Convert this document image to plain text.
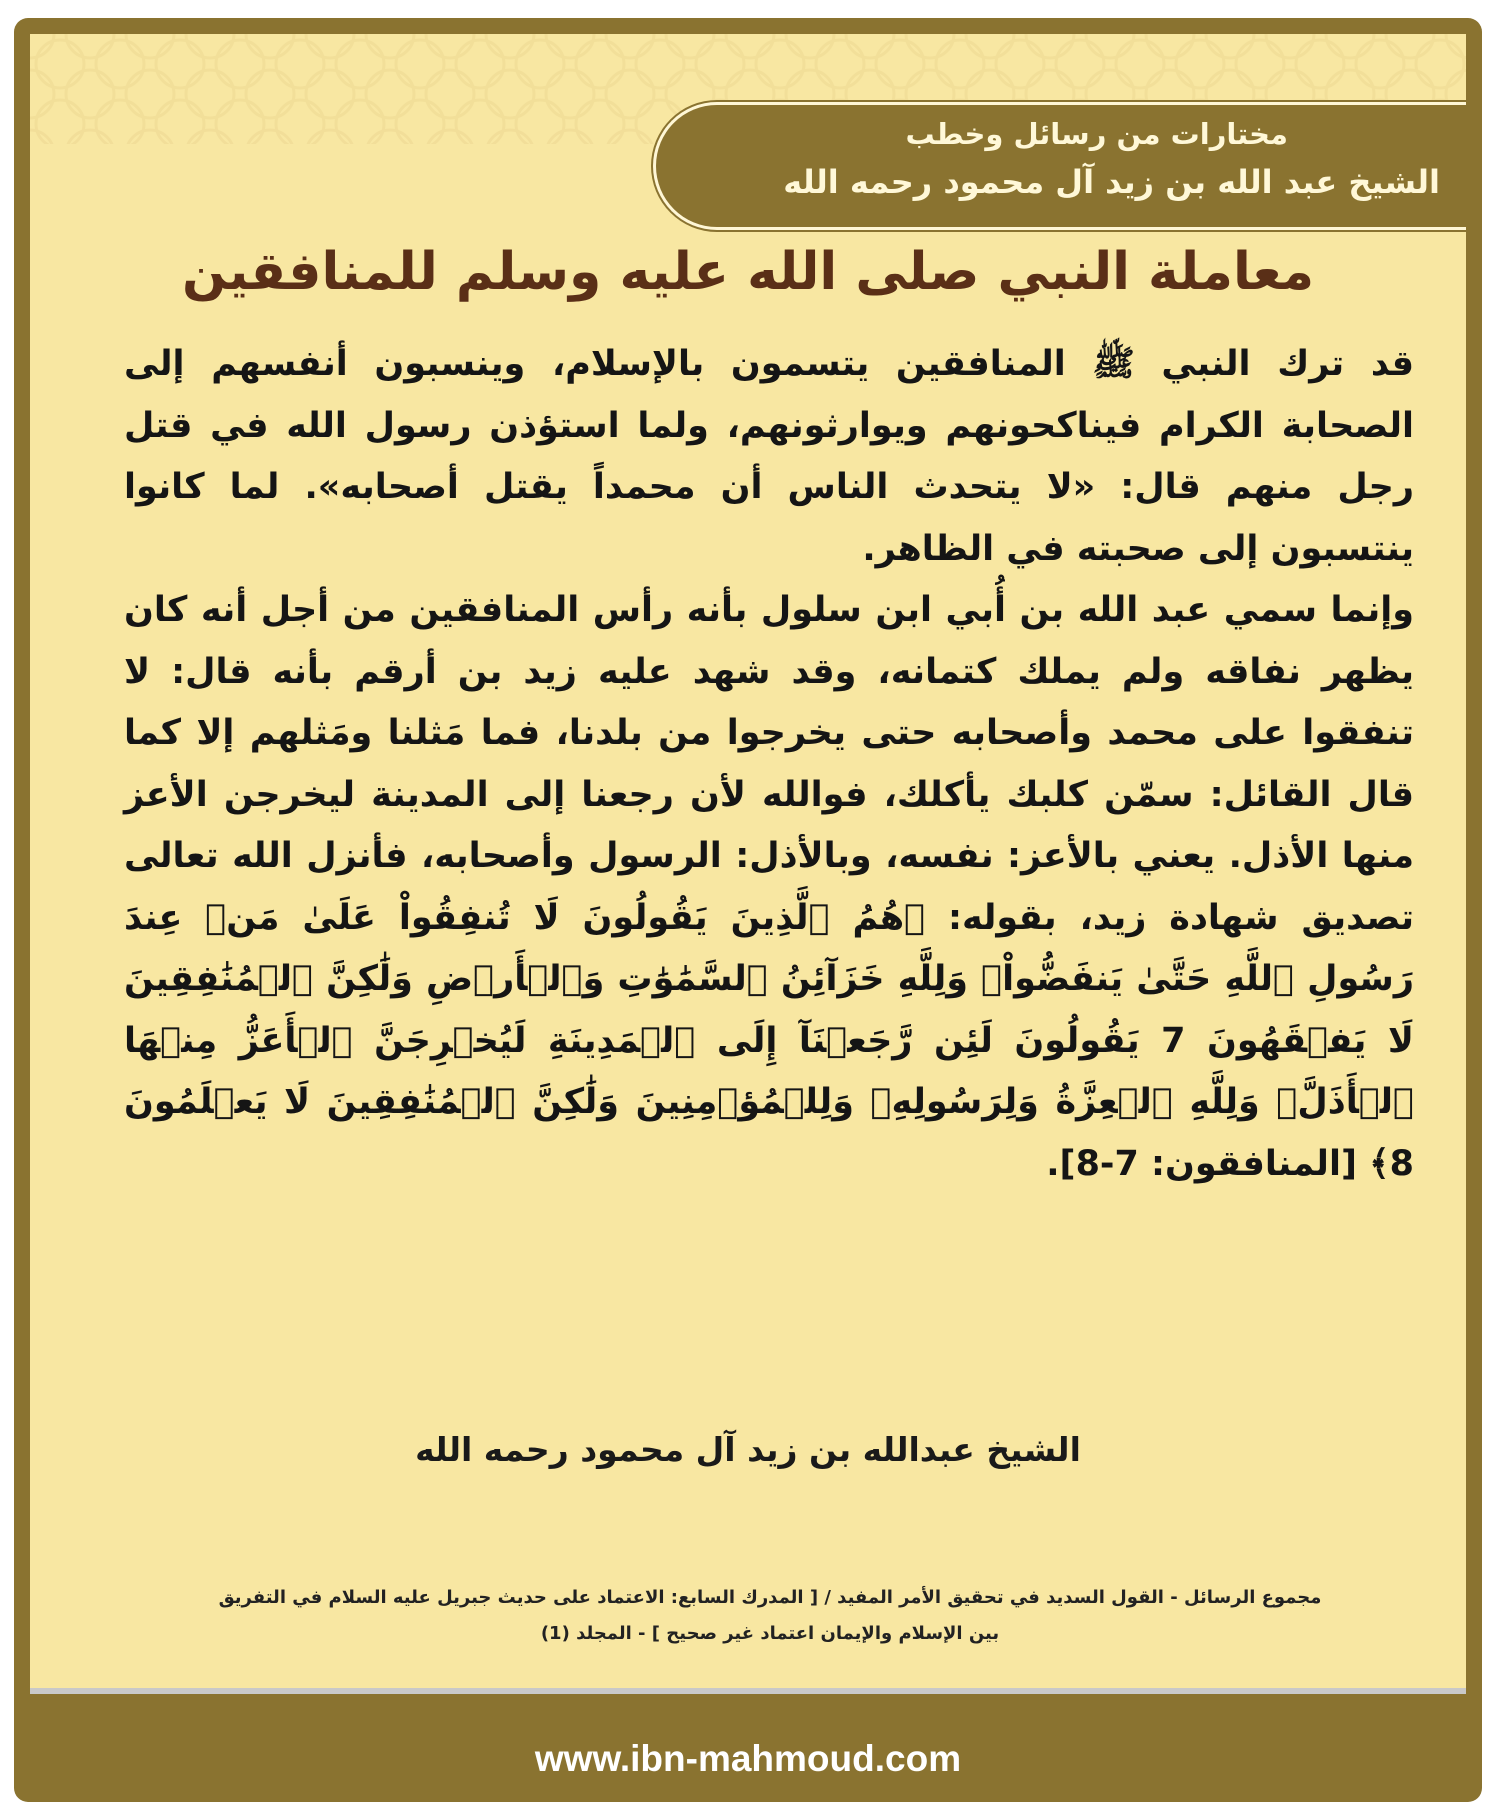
مختارات من رسائل وخطب
الشيخ عبد الله بن زيد آل محمود رحمه الله
معاملة النبي صلى الله عليه وسلم للمنافقين

قد ترك النبي ﷺ المنافقين يتسمون بالإسلام، وينسبون أنفسهم إلى الصحابة الكرام فيناكحونهم ويوارثونهم، ولما استؤذن رسول الله في قتل رجل منهم قال: «لا يتحدث الناس أن محمداً يقتل أصحابه». لما كانوا ينتسبون إلى صحبته في الظاهر.

وإنما سمي عبد الله بن أُبي ابن سلول بأنه رأس المنافقين من أجل أنه كان يظهر نفاقه ولم يملك كتمانه، وقد شهد عليه زيد بن أرقم بأنه قال: لا تنفقوا على محمد وأصحابه حتى يخرجوا من بلدنا، فما مَثلنا ومَثلهم إلا كما قال القائل: سمّن كلبك يأكلك، فوالله لأن رجعنا إلى المدينة ليخرجن الأعز منها الأذل. يعني بالأعز: نفسه، وبالأذل: الرسول وأصحابه، فأنزل الله تعالى تصديق شهادة زيد، بقوله: ﴿هُمُ ٱلَّذِينَ يَقُولُونَ لَا تُنفِقُواْ عَلَىٰ مَنۡ عِندَ رَسُولِ ٱللَّهِ حَتَّىٰ يَنفَضُّواْۗ وَلِلَّهِ خَزَآئِنُ ٱلسَّمَٰوَٰتِ وَٱلۡأَرۡضِ وَلَٰكِنَّ ٱلۡمُنَٰفِقِينَ لَا يَفۡقَهُونَ 7 يَقُولُونَ لَئِن رَّجَعۡنَآ إِلَى ٱلۡمَدِينَةِ لَيُخۡرِجَنَّ ٱلۡأَعَزُّ مِنۡهَا ٱلۡأَذَلَّۚ وَلِلَّهِ ٱلۡعِزَّةُ وَلِرَسُولِهِۦ وَلِلۡمُؤۡمِنِينَ وَلَٰكِنَّ ٱلۡمُنَٰفِقِينَ لَا يَعۡلَمُونَ 8﴾ [المنافقون: 7-8].

الشيخ عبدالله بن زيد آل محمود رحمه الله
مجموع الرسائل - القول السديد في تحقيق الأمر المفيد / [ المدرك السابع: الاعتماد على حديث جبريل عليه السلام في التفريق
بين الإسلام والإيمان اعتماد غير صحيح ] - المجلد (1)
www.ibn-mahmoud.com
